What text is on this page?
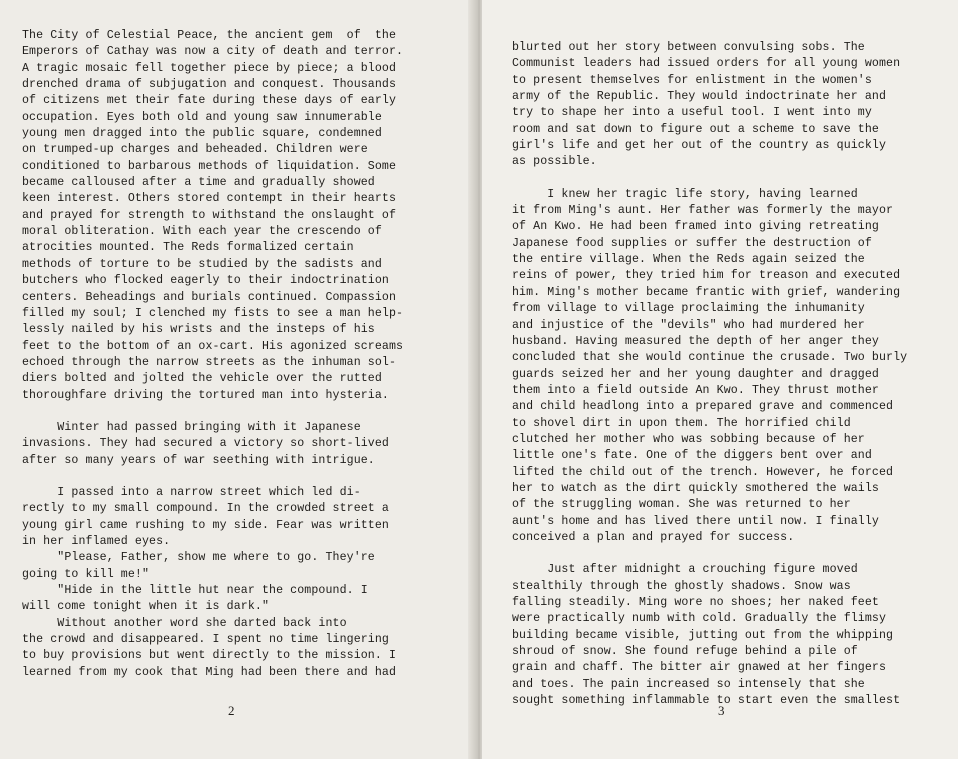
The City of Celestial Peace, the ancient gem  of  the
Emperors of Cathay was now a city of death and terror.
A tragic mosaic fell together piece by piece; a blood
drenched drama of subjugation and conquest. Thousands
of citizens met their fate during these days of early
occupation. Eyes both old and young saw innumerable
young men dragged into the public square, condemned
on trumped-up charges and beheaded. Children were
conditioned to barbarous methods of liquidation. Some
became calloused after a time and gradually showed
keen interest. Others stored contempt in their hearts
and prayed for strength to withstand the onslaught of
moral obliteration. With each year the crescendo of
atrocities mounted. The Reds formalized certain
methods of torture to be studied by the sadists and
butchers who flocked eagerly to their indoctrination
centers. Beheadings and burials continued. Compassion
filled my soul; I clenched my fists to see a man help-
lessly nailed by his wrists and the insteps of his
feet to the bottom of an ox-cart. His agonized screams
echoed through the narrow streets as the inhuman sol-
diers bolted and jolted the vehicle over the rutted
thoroughfare driving the tortured man into hysteria.
Winter had passed bringing with it Japanese
invasions. They had secured a victory so short-lived
after so many years of war seething with intrigue.
I passed into a narrow street which led di-
rectly to my small compound. In the crowded street a
young girl came rushing to my side. Fear was written
in her inflamed eyes.
"Please, Father, show me where to go. They're
going to kill me!"
"Hide in the little hut near the compound. I
will come tonight when it is dark."
Without another word she darted back into
the crowd and disappeared. I spent no time lingering
to buy provisions but went directly to the mission. I
learned from my cook that Ming had been there and had
2
blurted out her story between convulsing sobs. The
Communist leaders had issued orders for all young women
to present themselves for enlistment in the women's
army of the Republic. They would indoctrinate her and
try to shape her into a useful tool. I went into my
room and sat down to figure out a scheme to save the
girl's life and get her out of the country as quickly
as possible.
I knew her tragic life story, having learned
it from Ming's aunt. Her father was formerly the mayor
of An Kwo. He had been framed into giving retreating
Japanese food supplies or suffer the destruction of
the entire village. When the Reds again seized the
reins of power, they tried him for treason and executed
him. Ming's mother became frantic with grief, wandering
from village to village proclaiming the inhumanity
and injustice of the "devils" who had murdered her
husband. Having measured the depth of her anger they
concluded that she would continue the crusade. Two burly
guards seized her and her young daughter and dragged
them into a field outside An Kwo. They thrust mother
and child headlong into a prepared grave and commenced
to shovel dirt in upon them. The horrified child
clutched her mother who was sobbing because of her
little one's fate. One of the diggers bent over and
lifted the child out of the trench. However, he forced
her to watch as the dirt quickly smothered the wails
of the struggling woman. She was returned to her
aunt's home and has lived there until now. I finally
conceived a plan and prayed for success.
Just after midnight a crouching figure moved
stealthily through the ghostly shadows. Snow was
falling steadily. Ming wore no shoes; her naked feet
were practically numb with cold. Gradually the flimsy
building became visible, jutting out from the whipping
shroud of snow. She found refuge behind a pile of
grain and chaff. The bitter air gnawed at her fingers
and toes. The pain increased so intensely that she
sought something inflammable to start even the smallest
3
